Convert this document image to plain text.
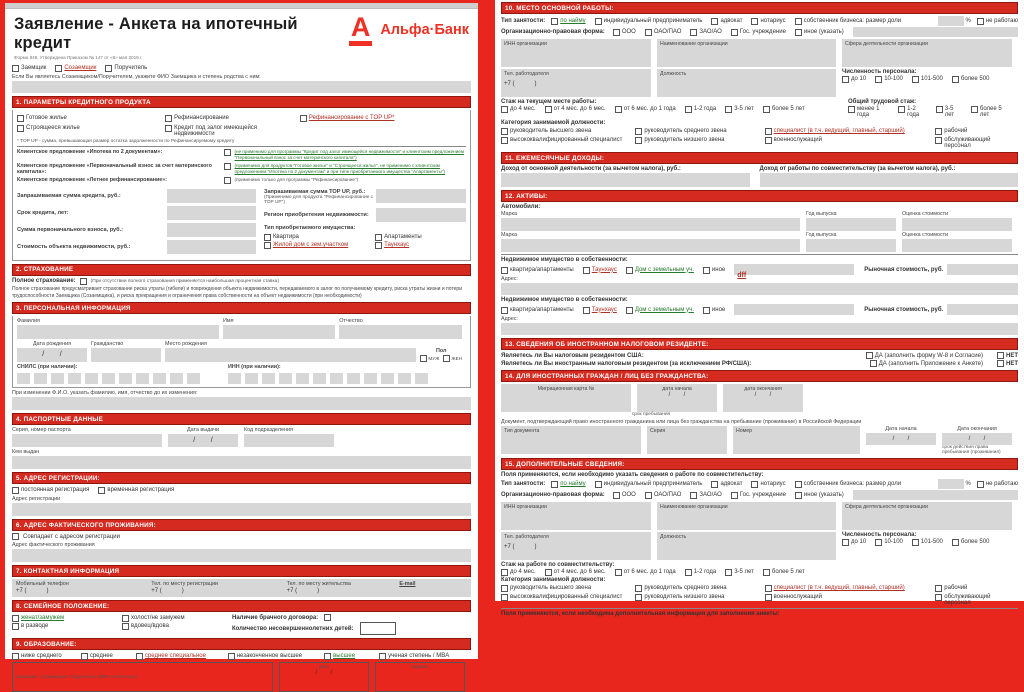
Заявление - Анкета на ипотечный кредит
Форма 848. Утверждена Приказом № 147 от «8» мая 2019 г.
А Альфа·Банк
Заемщик	Созаемщик	Поручитель
Если Вы являетесь Созаемщиком/Поручителем, укажите ФИО Заемщика и степень родства с ним:
1. ПАРАМЕТРЫ КРЕДИТНОГО ПРОДУКТА
Готовое жилье	Рефинансирование	Рефинансирование с TOP UP*
Строящееся жилье	Кредит под залог имеющейся недвижимости
* TOP UP - сумма, превышающая размер остатка задолженности по Рефинансируемому кредиту
Клиентское предложение «Ипотека по 2 документам»:	(не применимо для программы "Кредит под залог имеющейся недвижимости" и клиентским предложением "Первоначальный взнос за счет материнского капитала")
Клиентское предложение «Первоначальный взнос за счет материнского капитала»:
(применимо для продуктов "Готовое жилье" и "Строящееся жилье", не применимо с клиентским предложением "Ипотека по 2 документам" и при типе приобретаемого имущества "Апартаменты")
Клиентское предложение «Летнее рефинансирование»:	(применимо только для программы "Рефинансирование")
Запрашиваемая сумма кредита, руб.:
Срок кредита, лет:
Сумма первоначального взноса, руб.:
Стоимость объекта недвижимости, руб.:
Запрашиваемая сумма TOP UP, руб.:
(Применимо для продукта "Рефинансирование с TOP UP")
Регион приобретения недвижимости:
Тип приобретаемого имущества:
Квартира
Жилой дом с зем.участком
Апартаменты
Таунхаус
2. СТРАХОВАНИЕ
Полное страхование:	(При отсутствии полного страхования применяется наибольшая процентная ставка)
Полное страхование предусматривает страхование риска утраты (гибели) и повреждения объекта недвижимости, передаваемого в залог по получаемому кредиту, риска утраты жизни и потери трудоспособности Заемщика (Созаемщика), и риска прекращения и ограничения права собственности на объект недвижимости (при необходимости)
3. ПЕРСОНАЛЬНАЯ ИНФОРМАЦИЯ
Фамилия	Имя	Отчество
Дата рождения
/        /
Гражданство	Место рождения
Пол
МУЖ	ЖЕН
СНИЛС (при наличии):	ИНН (при наличии):
При изменении Ф.И.О. указать фамилию, имя, отчество до их изменения:
4. ПАСПОРТНЫЕ ДАННЫЕ
Серия, номер паспорта	Дата выдачи
/        /
Код подразделения
Кем выдан
5. АДРЕС РЕГИСТРАЦИИ:
постоянная регистрация	временная регистрация
Адрес регистрации
6. АДРЕС ФАКТИЧЕСКОГО ПРОЖИВАНИЯ:
Совпадает с адресом регистрации
Адрес фактического проживания
7. КОНТАКТНАЯ ИНФОРМАЦИЯ
Мобильный телефон
+7 (            )
Тел. по месту регистрации
+7 (            )
Тел. по месту жительства
+7 (            )
E-mail
8. СЕМЕЙНОЕ ПОЛОЖЕНИЕ:
женат/замужем
в разводе
холост/не замужем
вдовец/вдова
Наличие брачного договора:
Количество несовершеннолетних детей:
9. ОБРАЗОВАНИЕ:
ниже среднего	среднее	среднее специальное	незаконченное высшее	высшее	ученая степень / MBA
Заемщик / Созаемщик / Поручитель (ФИО полностью)
дата
/        /
подпись
10. МЕСТО ОСНОВНОЙ РАБОТЫ:
Тип занятости:	по найму	индивидуальный предприниматель	адвокат	нотариус	собственник бизнеса: размер доли	%	не работаю
Организационно-правовая форма:	ООО	ОАО/ПАО	ЗАО/АО	Гос. учреждение	иное (указать)
ИНН организации	Наименование организации	Сфера деятельности организации
Тел. работодателя
+7 (            )
Должность	Численность персонала:
до 10	10-100	101-500	более 500
Стаж на текущем месте работы:
до 4 мес.	от 4 мес. до 6 мес.	от 6 мес. до 1 года	1-2 года	3-5 лет	более 5 лет
Общий трудовой стаж:
менее 1 года
1-2 года
3-5 лет
более 5 лет
Категория занимаемой должности:
руководитель высшего звена	руководитель среднего звена	специалист (в т.ч. ведущий, главный, старший)	рабочий
высококвалифицированный специалист	руководитель низшего звена	военнослужащий	обслуживающий персонал
11. ЕЖЕМЕСЯЧНЫЕ ДОХОДЫ:
Доход от основной деятельности (за вычетом налога), руб.:	Доход от работы по совместительству (за вычетом налога), руб.:
12. АКТИВЫ:
Автомобили:
Марка	Год выпуска	Оценка стоимости
Марка	Год выпуска	Оценка стоимости
Недвижимое имущество в собственности:
квартира/апартаменты	Таунхаус	Дом с земельным уч.	иное
dff
Рыночная стоимость, руб.
Адрес:
Недвижимое имущество в собственности:
квартира/апартаменты	Таунхаус	Дом с земельным уч.	иное	Рыночная стоимость, руб.
Адрес:
13. СВЕДЕНИЯ ОБ ИНОСТРАННОМ НАЛОГОВОМ РЕЗИДЕНТЕ:
Являетесь ли Вы налоговым резидентом США:	ДА (заполнить форму W-8 и Согласие)	НЕТ
Являетесь ли Вы иностранным налоговым резидентом (за исключением РФ/США):	ДА (заполнить Приложение к Анкете)	НЕТ
14. ДЛЯ ИНОСТРАННЫХ ГРАЖДАН / ЛИЦ БЕЗ ГРАЖДАНСТВА:
Миграционная карта №	дата начала
/        /
дата окончания
/        /
срок пребывания
Документ, подтверждающий право иностранного гражданина или лица без гражданства на пребывание (проживание) в Российской Федерации
Тип документа	Серия	Номер	Дата начала
/        /
Дата окончания
/        /
срок действия права пребывания (проживания)
15. ДОПОЛНИТЕЛЬНЫЕ СВЕДЕНИЯ:
Поля применяются, если необходимо указать сведения о работе по совместительству:
Тип занятости:	по найму	индивидуальный предприниматель	адвокат	нотариус	собственник бизнеса: размер доли	%	не работаю
Организационно-правовая форма:	ООО	ОАО/ПАО	ЗАО/АО	Гос. учреждение	иное (указать)
ИНН организации	Наименование организации	Сфера деятельности организации
Тел. работодателя
+7 (            )
Должность	Численность персонала:
до 10	10-100	101-500	более 500
Стаж на работе по совместительству:
до 4 мес.	от 4 мес. до 6 мес.	от 6 мес. до 1 года	1-2 года	3-5 лет	более 5 лет
Категория занимаемой должности:
руководитель высшего звена	руководитель среднего звена	специалист (в т.ч. ведущий, главный, старший)	рабочий
высококвалифицированный специалист	руководитель низшего звена	военнослужащий	обслуживающий персонал
Поля применяются, если необходима дополнительная информация для заполнения анкеты:
